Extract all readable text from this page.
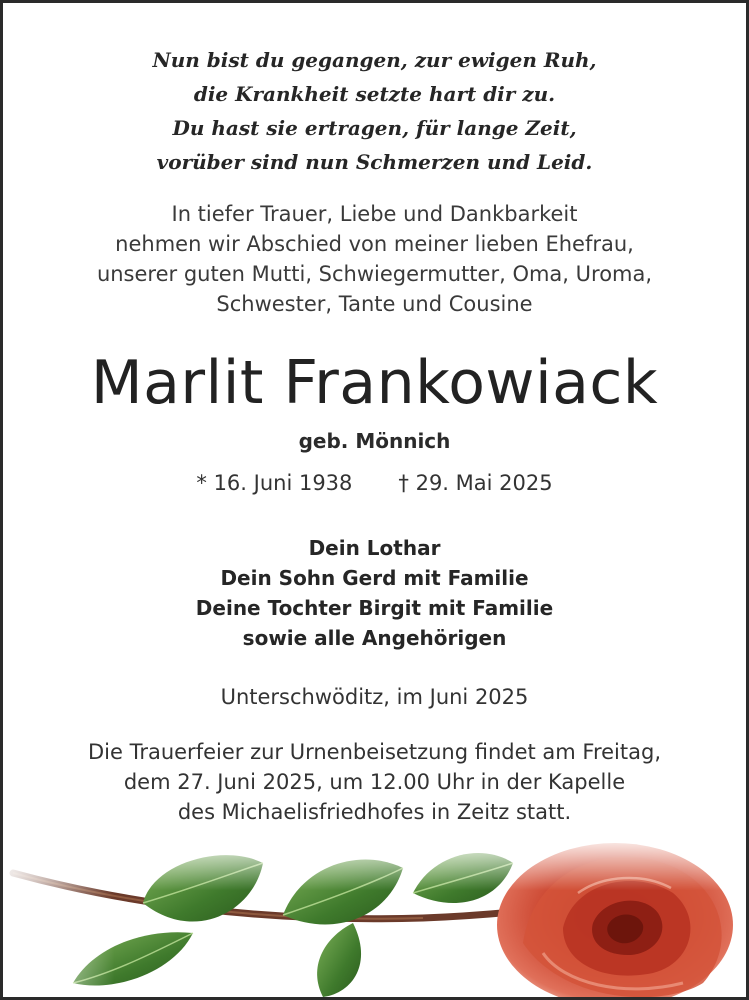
Nun bist du gegangen, zur ewigen Ruh,
die Krankheit setzte hart dir zu.
Du hast sie ertragen, für lange Zeit,
vorüber sind nun Schmerzen und Leid.
In tiefer Trauer, Liebe und Dankbarkeit
nehmen wir Abschied von meiner lieben Ehefrau,
unserer guten Mutti, Schwiegermutter, Oma, Uroma,
Schwester, Tante und Cousine
Marlit Frankowiack
geb. Mönnich
* 16. Juni 1938 † 29. Mai 2025
Dein Lothar
Dein Sohn Gerd mit Familie
Deine Tochter Birgit mit Familie
sowie alle Angehörigen
Unterschwöditz, im Juni 2025
Die Trauerfeier zur Urnenbeisetzung findet am Freitag,
dem 27. Juni 2025, um 12.00 Uhr in der Kapelle
des Michaelisfriedhofes in Zeitz statt.
